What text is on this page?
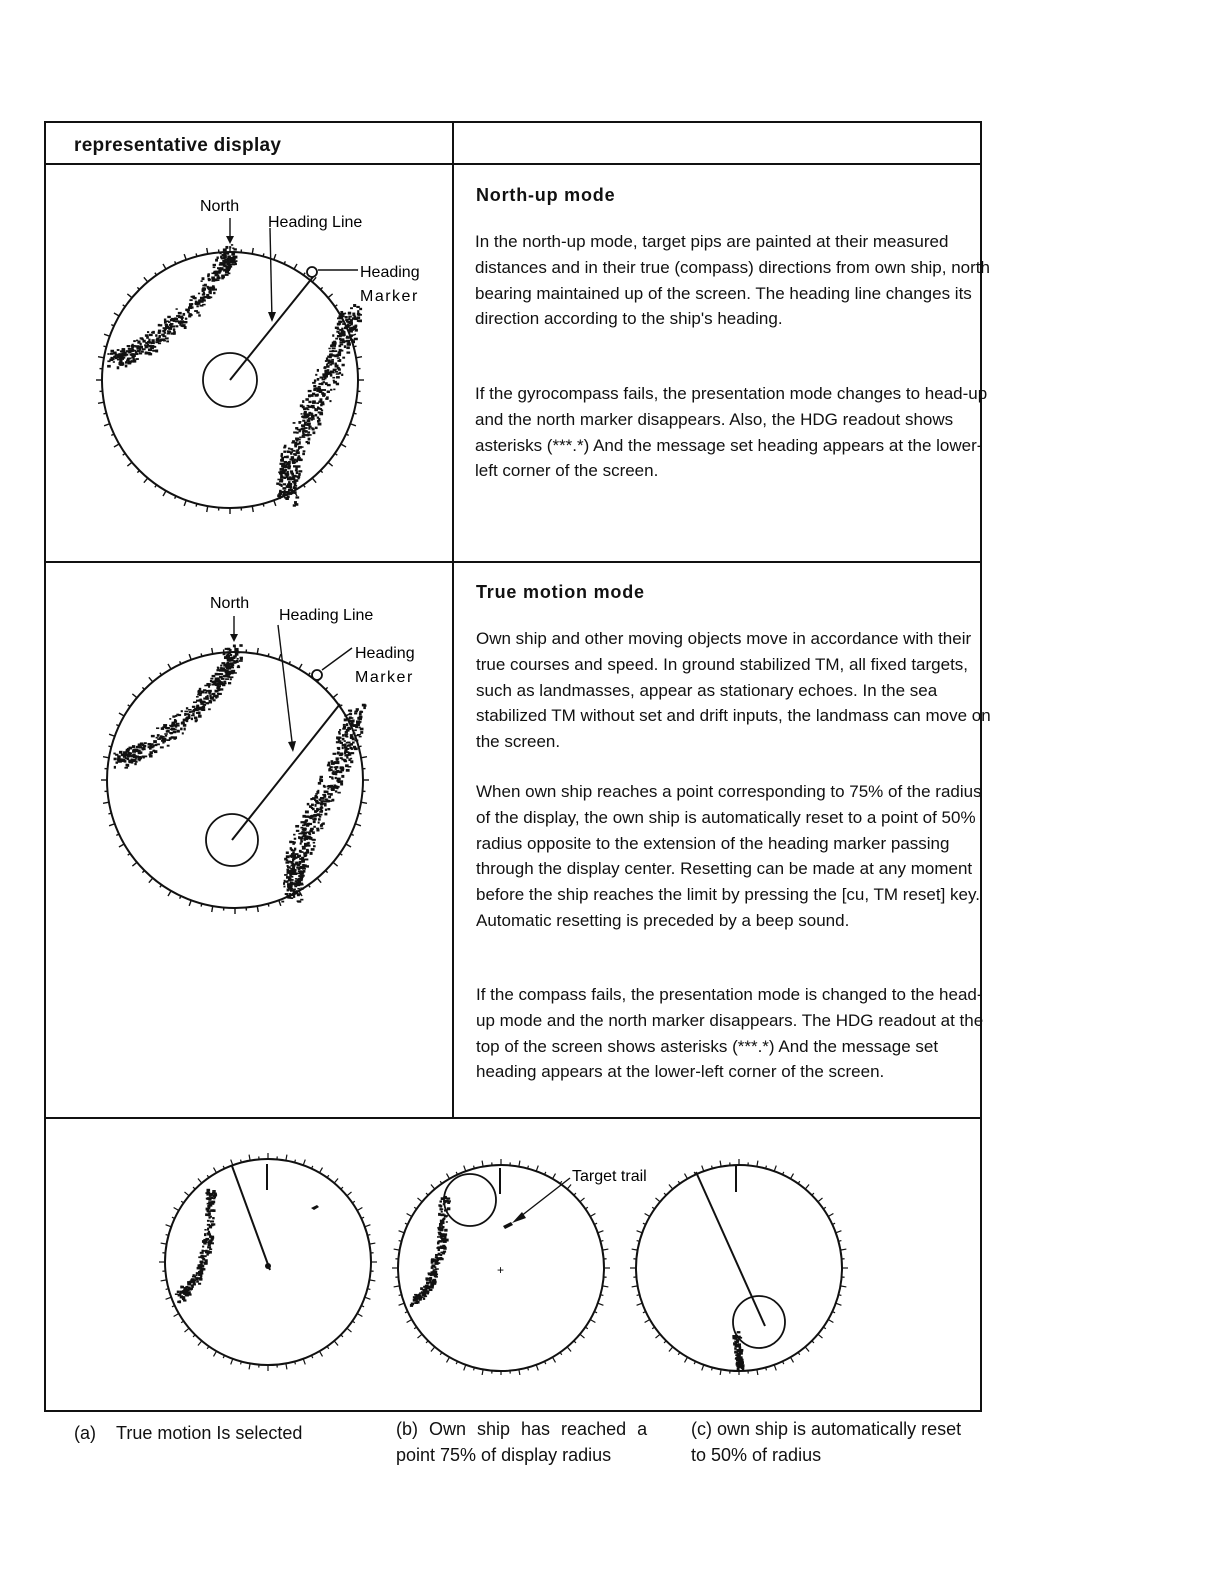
representative display
North-up mode
In the north-up mode, target pips are painted at their measured distances and in their true (compass) directions from own ship, north bearing maintained up of the screen. The heading line changes its direction according to the ship's heading.
If the gyrocompass fails, the presentation mode changes to head-up and the north marker disappears. Also, the HDG readout shows asterisks (***.*) And the message set heading appears at the lower-left corner of the screen.
True motion mode
Own ship and other moving objects move in accordance with their true courses and speed. In ground stabilized TM, all fixed targets, such as landmasses, appear as stationary echoes. In the sea stabilized TM without set and drift inputs, the landmass can move on the screen.
When own ship reaches a point corresponding to 75% of the radius of the display, the own ship is automatically reset to a point of 50% radius opposite to the extension of the heading marker passing through the display center. Resetting can be made at any moment before the ship reaches the limit by pressing the [cu, TM reset] key. Automatic resetting is preceded by a beep sound.
If the compass fails, the presentation mode is changed to the head-up mode and the north marker disappears. The HDG readout at the top of the screen shows asterisks (***.*) And the message set heading appears at the lower-left corner of the screen.
North
Heading Line
Heading
Marker
North
Heading Line
Heading
Marker
+
Target trail
(a) True motion Is selected	(b) Own ship has reached a
point 75% of display radius
(c) own ship is automatically reset
to 50% of radius
